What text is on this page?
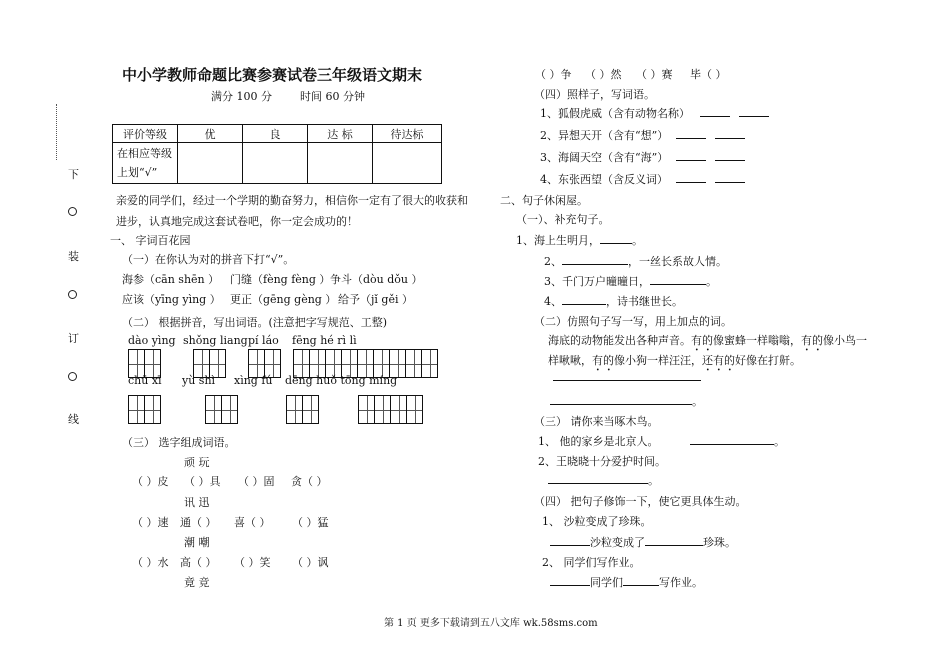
下
装
订
线
中小学教师命题比赛参赛试卷三年级语文期末
满分 100 分	时间 60 分钟
评价等级	优	良	达 标	待达标
在相应等级
上划“√”				
亲爱的同学们，经过一个学期的勤奋努力，相信你一定有了很大的收获和
进步，认真地完成这套试卷吧，你一定会成功的！
一、 字词百花园
（一）在你认为对的拼音下打“√”。
海参（cān shēn ） 门缝（fèng fèng ） 争斗（dòu dǒu ）
应该（yīng yìng ） 更正（gēng gèng ） 给予（jǐ gěi ）
（二） 根据拼音，写出词语。(注意把字写规范、工整)
dào yìng shǒng liang pí láo fēng hé rì lì
chū xī yù shì xìng fú dēng huǒ tōng míng
（三） 选字组成词语。
顽 玩
（ ）皮 （ ）具 （ ）固 贪（ ）
讯 迅
（ ）速 通（ ） 喜（ ） （ ）猛
潮 嘲
（ ）水 高（ ） （ ）笑 （ ）讽
竟 竞
（ ）争 （ ）然 （ ）赛 毕（ ）
（四）照样子，写词语。
1、狐假虎威（含有动物名称）
2、异想天开（含有“想”）
3、海阔天空（含有“海”）
4、东张西望（含反义词）
二、句子休闲屋。
（一）、补充句子。
1、海上生明月，	。
2、	，一丝长系故人情。
3、千门万户曈曈日，	。
4、	，诗书继世长。
（二）仿照句子写一写，用上加点的词。
海底的动物能发出各种声音。有的像蜜蜂一样嗡嗡，有的像小鸟一
样啾啾，有的像小狗一样汪汪，还有的好像在打鼾。
。
（三） 请你来当啄木鸟。
1、 他的家乡是北京人。	。
2、王晓晓十分爱护时间。
。
（四） 把句子修饰一下，使它更具体生动。
1、 沙粒变成了珍珠。
沙粒变成了	珍珠。
2、 同学们写作业。
同学们	写作业。
第 1 页 更多下载请到五八文库 wk.58sms.com
